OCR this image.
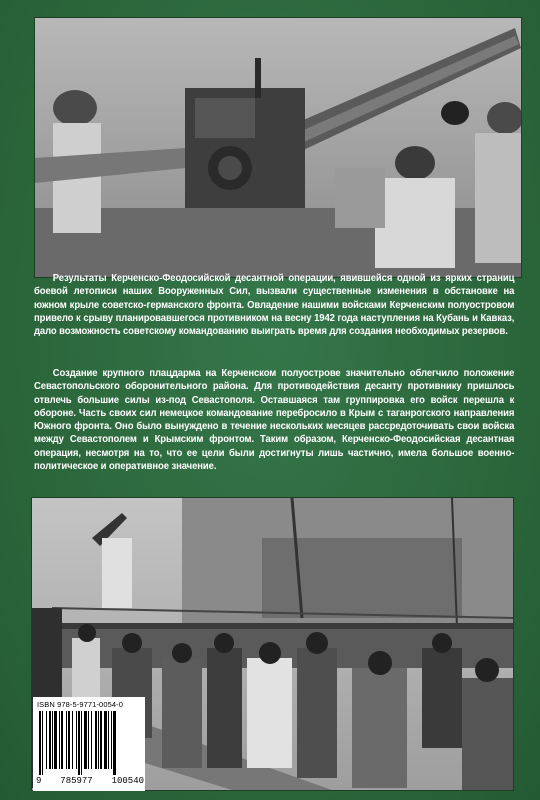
Результаты Керченско-Феодосийской десантной операции, явившейся одной из ярких страниц боевой летописи наших Вооруженных Сил, вызвали существенные изменения в обстановке на южном крыле советско-германского фронта. Овладение нашими войсками Керченским полуостровом привело к срыву планировавшегося противником на весну 1942 года наступления на Кубань и Кавказ, дало возможность советскому командованию выиграть время для создания необходимых резервов.
Создание крупного плацдарма на Керченском полуострове значительно облегчило положение Севастопольского оборонительного района. Для противодействия десанту противнику пришлось отвлечь большие силы из-под Севастополя. Оставшаяся там группировка его войск перешла к обороне. Часть своих сил немецкое командование перебросило в Крым с таганрогского направления Южного фронта. Оно было вынуждено в течение нескольких месяцев рассредоточивать свои войска между Севастополем и Крымским фронтом. Таким образом, Керченско-Феодосийская десантная операция, несмотря на то, что ее цели были достигнуты лишь частично, имела большое военно-политическое и оперативное значение.
ISBN 978-5-9771-0054-0
9 785977 100540
